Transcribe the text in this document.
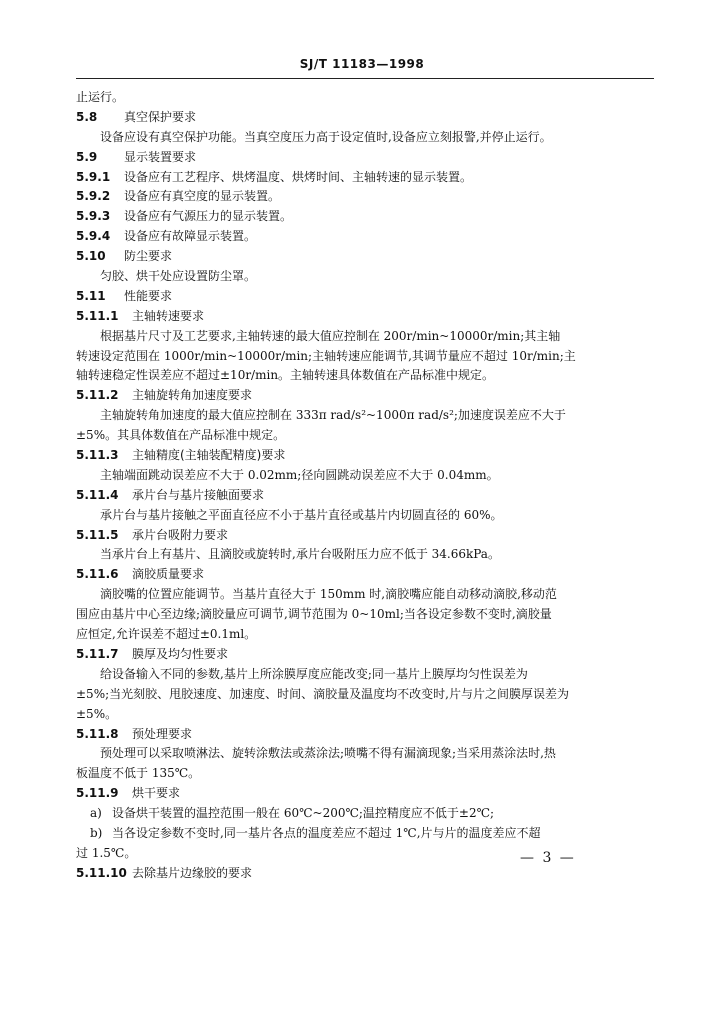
SJ/T 11183—1998
止运行。
5.8 真空保护要求
设备应设有真空保护功能。当真空度压力高于设定值时,设备应立刻报警,并停止运行。
5.9 显示装置要求
5.9.1 设备应有工艺程序、烘烤温度、烘烤时间、主轴转速的显示装置。
5.9.2 设备应有真空度的显示装置。
5.9.3 设备应有气源压力的显示装置。
5.9.4 设备应有故障显示装置。
5.10 防尘要求
匀胶、烘干处应设置防尘罩。
5.11 性能要求
5.11.1 主轴转速要求
根据基片尺寸及工艺要求,主轴转速的最大值应控制在 200r/min~10000r/min;其主轴
转速设定范围在 1000r/min~10000r/min;主轴转速应能调节,其调节量应不超过 10r/min;主
轴转速稳定性误差应不超过±10r/min。主轴转速具体数值在产品标准中规定。
5.11.2 主轴旋转角加速度要求
主轴旋转角加速度的最大值应控制在 333π rad/s²~1000π rad/s²;加速度误差应不大于
±5%。其具体数值在产品标准中规定。
5.11.3 主轴精度(主轴装配精度)要求
主轴端面跳动误差应不大于 0.02mm;径向圆跳动误差应不大于 0.04mm。
5.11.4 承片台与基片接触面要求
承片台与基片接触之平面直径应不小于基片直径或基片内切圆直径的 60%。
5.11.5 承片台吸附力要求
当承片台上有基片、且滴胶或旋转时,承片台吸附压力应不低于 34.66kPa。
5.11.6 滴胶质量要求
滴胶嘴的位置应能调节。当基片直径大于 150mm 时,滴胶嘴应能自动移动滴胶,移动范
围应由基片中心至边缘;滴胶量应可调节,调节范围为 0~10ml;当各设定参数不变时,滴胶量
应恒定,允许误差不超过±0.1ml。
5.11.7 膜厚及均匀性要求
给设备输入不同的参数,基片上所涂膜厚度应能改变;同一基片上膜厚均匀性误差为
±5%;当光刻胶、甩胶速度、加速度、时间、滴胶量及温度均不改变时,片与片之间膜厚误差为
±5%。
5.11.8 预处理要求
预处理可以采取喷淋法、旋转涂敷法或蒸涂法;喷嘴不得有漏滴现象;当采用蒸涂法时,热
板温度不低于 135℃。
5.11.9 烘干要求
a) 设备烘干装置的温控范围一般在 60℃~200℃;温控精度应不低于±2℃;
b) 当各设定参数不变时,同一基片各点的温度差应不超过 1℃,片与片的温度差应不超
过 1.5℃。
5.11.10 去除基片边缘胶的要求
— 3 —
